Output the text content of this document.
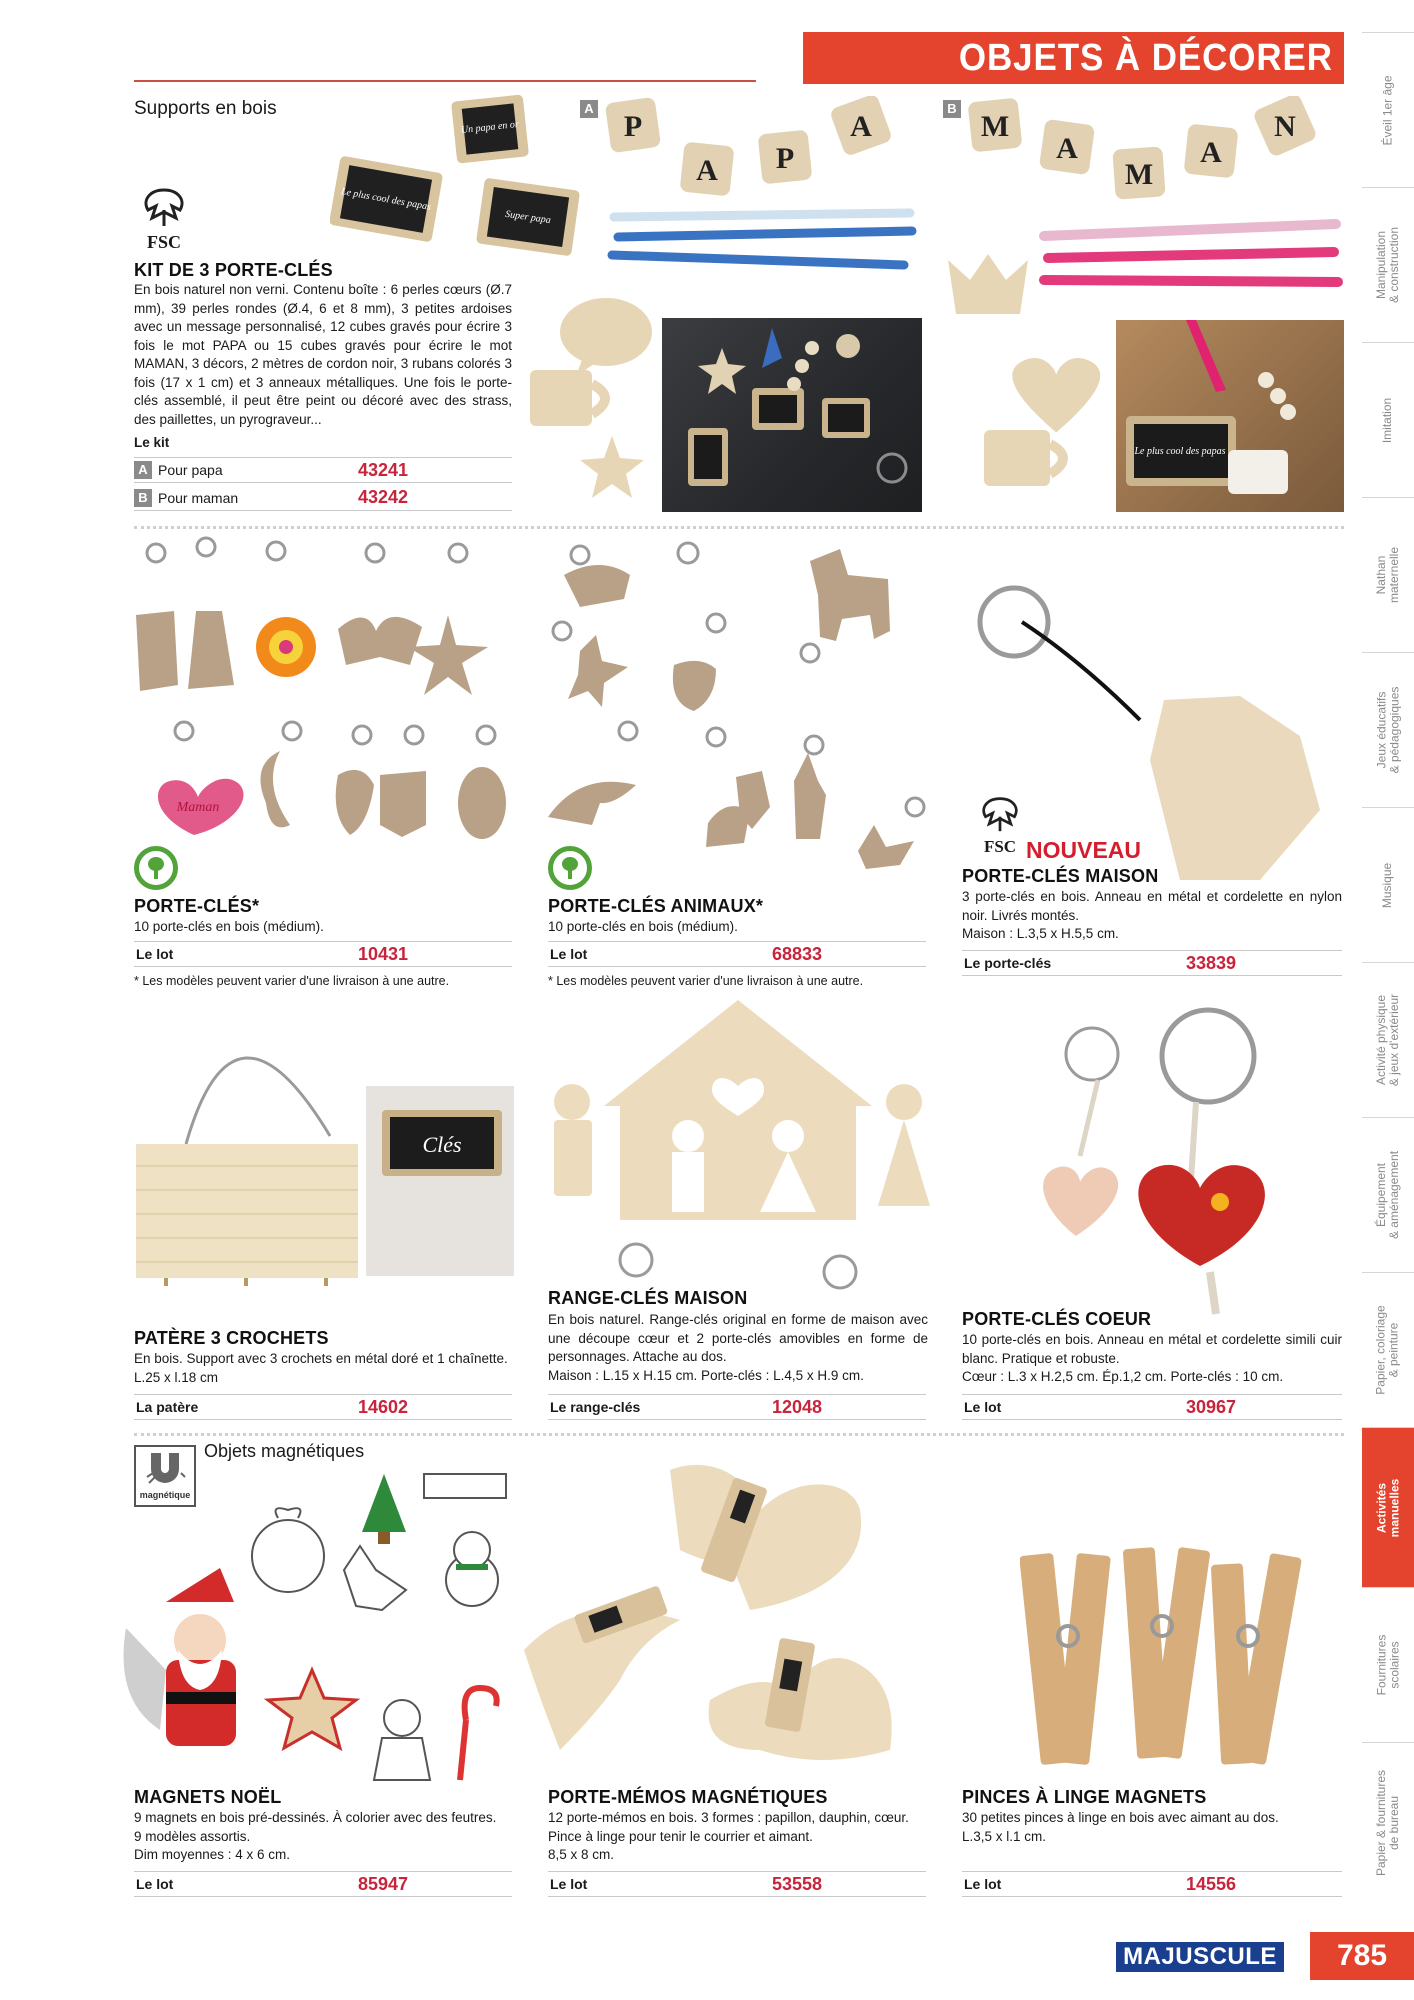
OBJETS À DÉCORER
Éveil 1er âge
Manipulation
& construction
Imitation
Nathan
maternelle
Jeux éducatifs
& pédagogiques
Musique
Activité physique
& jeux d'extérieur
Équipement
& aménagement
Papier, coloriage
& peinture
Activités
manuelles
Fournitures
scolaires
Papier & fournitures
de bureau
Supports en bois
FSC
KIT DE 3 PORTE-CLÉS
En bois naturel non verni. Contenu boîte : 6 perles cœurs (Ø.7 mm), 39 perles rondes (Ø.4, 6 et 8 mm), 3 petites ardoises avec un message personnalisé, 12 cubes gravés pour écrire 3 fois le mot PAPA ou 15 cubes gravés pour écrire le mot MAMAN, 3 décors, 2 mètres de cordon noir, 3 rubans colorés 3 fois (17 x 1 cm) et 3 anneaux métalliques. Une fois le porte-clés assemblé, il peut être peint ou décoré avec des strass, des paillettes, un pyrograveur...
Le kit
A Pour papa	43241
B Pour maman	43242
Un papa en or
Le plus cool des papas
Super papa
A
P
A P
A
B
M
A
M
A
N
Le plus cool des papas
Maman
PORTE-CLÉS*
10 porte-clés en bois (médium).
Le lot	10431
* Les modèles peuvent varier d'une livraison à une autre.
PORTE-CLÉS ANIMAUX*
10 porte-clés en bois (médium).
Le lot	68833
* Les modèles peuvent varier d'une livraison à une autre.
FSC NOUVEAU
PORTE-CLÉS MAISON
3 porte-clés en bois. Anneau en métal et cordelette en nylon noir. Livrés montés.
Maison : L.3,5 x H.5,5 cm.
Le porte-clés	33839
Clés
PATÈRE 3 CROCHETS
En bois. Support avec 3 crochets en métal doré et 1 chaînette.
L.25 x l.18 cm
La patère	14602
RANGE-CLÉS MAISON
En bois naturel. Range-clés original en forme de maison avec une découpe cœur et 2 porte-clés amovibles en forme de personnages. Attache au dos.
Maison : L.15 x H.15 cm. Porte-clés : L.4,5 x H.9 cm.
Le range-clés	12048
PORTE-CLÉS COEUR
10 porte-clés en bois. Anneau en métal et cordelette simili cuir blanc. Pratique et robuste.
Cœur : L.3 x H.2,5 cm. Ép.1,2 cm. Porte-clés : 10 cm.
Le lot	30967
magnétique
Objets magnétiques
MAGNETS NOËL
9 magnets en bois pré-dessinés. À colorier avec des feutres.
9 modèles assortis.
Dim moyennes : 4 x 6 cm.
Le lot	85947
PORTE-MÉMOS MAGNÉTIQUES
12 porte-mémos en bois. 3 formes : papillon, dauphin, cœur. Pince à linge pour tenir le courrier et aimant.
8,5 x 8 cm.
Le lot	53558
PINCES À LINGE MAGNETS
30 petites pinces à linge en bois avec aimant au dos.
L.3,5 x l.1 cm.
Le lot	14556
MAJUSCULE	785
